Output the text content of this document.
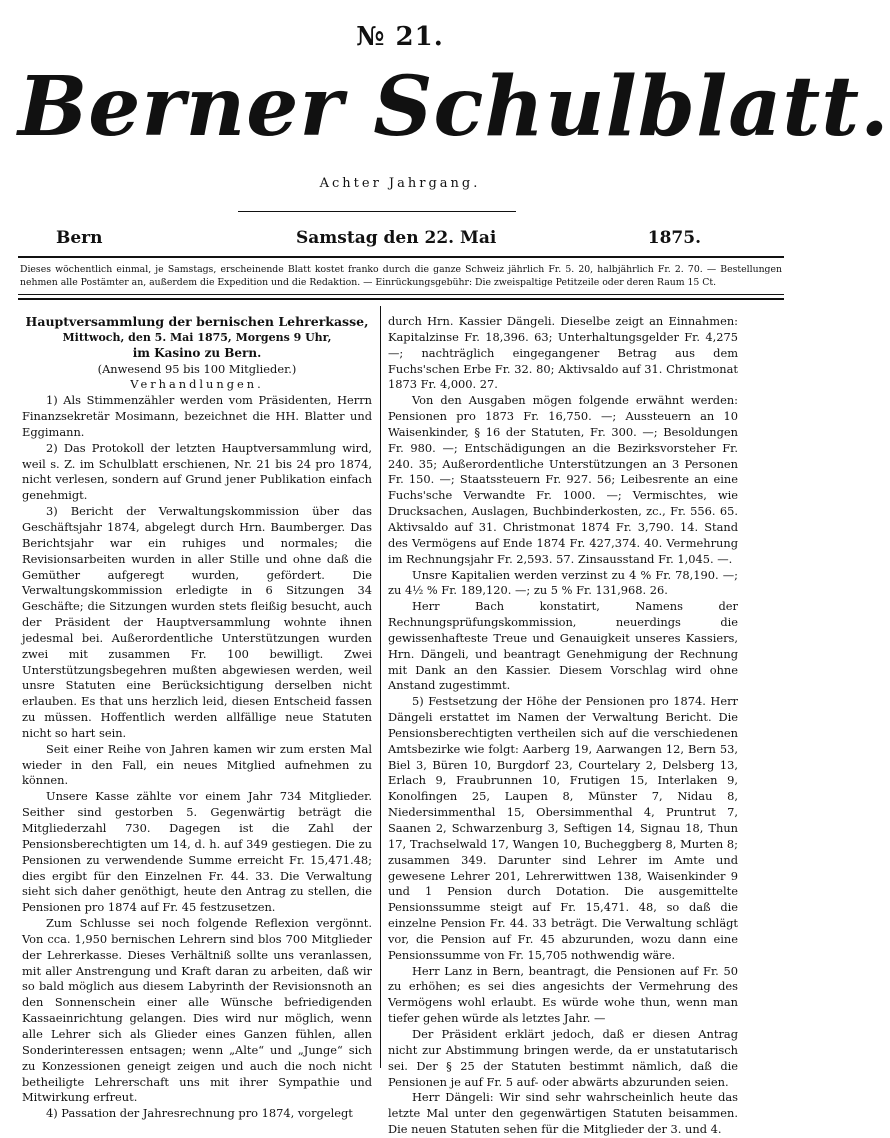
№ 21.
Berner Schulblatt.
Achter Jahrgang.
Bern	Samstag den 22. Mai	1875.
Dieses wöchentlich einmal, je Samstags, erscheinende Blatt kostet franko durch die ganze Schweiz jährlich Fr. 5. 20, halbjährlich Fr. 2. 70. — Bestellungen nehmen alle Postämter an, außerdem die Expedition und die Redaktion. — Einrückungsgebühr: Die zweispaltige Petitzeile oder deren Raum 15 Ct.

Hauptversammlung der bernischen Lehrerkasse,

Mittwoch, den 5. Mai 1875, Morgens 9 Uhr,

im Kasino zu Bern.

(Anwesend 95 bis 100 Mitglieder.)

Verhandlungen.

1) Als Stimmenzähler werden vom Präsidenten, Herrn Finanzsekretär Mosimann, bezeichnet die HH. Blatter und Eggimann.

2) Das Protokoll der letzten Hauptversammlung wird, weil s. Z. im Schulblatt erschienen, Nr. 21 bis 24 pro 1874, nicht verlesen, sondern auf Grund jener Publikation einfach genehmigt.

3) Bericht der Verwaltungskommission über das Geschäftsjahr 1874, abgelegt durch Hrn. Baumberger. Das Berichtsjahr war ein ruhiges und normales; die Revisionsarbeiten wurden in aller Stille und ohne daß die Gemüther aufgeregt wurden, gefördert. Die Verwaltungskommission erledigte in 6 Sitzungen 34 Geschäfte; die Sitzungen wurden stets fleißig besucht, auch der Präsident der Hauptversammlung wohnte ihnen jedesmal bei. Außerordentliche Unterstützungen wurden zwei mit zusammen Fr. 100 bewilligt. Zwei Unterstützungsbegehren mußten abgewiesen werden, weil unsre Statuten eine Berücksichtigung derselben nicht erlauben. Es that uns herzlich leid, diesen Entscheid fassen zu müssen. Hoffentlich werden allfällige neue Statuten nicht so hart sein.

Seit einer Reihe von Jahren kamen wir zum ersten Mal wieder in den Fall, ein neues Mitglied aufnehmen zu können.

Unsere Kasse zählte vor einem Jahr 734 Mitglieder. Seither sind gestorben 5. Gegenwärtig beträgt die Mitgliederzahl 730. Dagegen ist die Zahl der Pensionsberechtigten um 14, d. h. auf 349 gestiegen. Die zu Pensionen zu verwendende Summe erreicht Fr. 15,471.48; dies ergibt für den Einzelnen Fr. 44. 33. Die Verwaltung sieht sich daher genöthigt, heute den Antrag zu stellen, die Pensionen pro 1874 auf Fr. 45 festzusetzen.

Zum Schlusse sei noch folgende Reflexion vergönnt. Von cca. 1,950 bernischen Lehrern sind blos 700 Mitglieder der Lehrerkasse. Dieses Verhältniß sollte uns veranlassen, mit aller Anstrengung und Kraft daran zu arbeiten, daß wir so bald möglich aus diesem Labyrinth der Revisionsnoth an den Sonnenschein einer alle Wünsche befriedigenden Kassaeinrichtung gelangen. Dies wird nur möglich, wenn alle Lehrer sich als Glieder eines Ganzen fühlen, allen Sonderinteressen entsagen; wenn „Alte“ und „Junge“ sich zu Konzessionen geneigt zeigen und auch die noch nicht betheiligte Lehrerschaft uns mit ihrer Sympathie und Mitwirkung erfreut.

4) Passation der Jahresrechnung pro 1874, vorgelegt

durch Hrn. Kassier Dängeli. Dieselbe zeigt an Einnahmen: Kapitalzinse Fr. 18,396. 63; Unterhaltungsgelder Fr. 4,275 —; nachträglich eingegangener Betrag aus dem Fuchs'schen Erbe Fr. 32. 80; Aktivsaldo auf 31. Christmonat 1873 Fr. 4,000. 27.

Von den Ausgaben mögen folgende erwähnt werden: Pensionen pro 1873 Fr. 16,750. —; Aussteuern an 10 Waisenkinder, § 16 der Statuten, Fr. 300. —; Besoldungen Fr. 980. —; Entschädigungen an die Bezirksvorsteher Fr. 240. 35; Außerordentliche Unterstützungen an 3 Personen Fr. 150. —; Staatssteuern Fr. 927. 56; Leibesrente an eine Fuchs'sche Verwandte Fr. 1000. —; Vermischtes, wie Drucksachen, Auslagen, Buchbinderkosten, zc., Fr. 556. 65. Aktivsaldo auf 31. Christmonat 1874 Fr. 3,790. 14. Stand des Vermögens auf Ende 1874 Fr. 427,374. 40. Vermehrung im Rechnungsjahr Fr. 2,593. 57. Zinsausstand Fr. 1,045. —.

Unsre Kapitalien werden verzinst zu 4 % Fr. 78,190. —; zu 4½ % Fr. 189,120. —; zu 5 % Fr. 131,968. 26.

Herr Bach konstatirt, Namens der Rechnungsprüfungskommission, neuerdings die gewissenhafteste Treue und Genauigkeit unseres Kassiers, Hrn. Dängeli, und beantragt Genehmigung der Rechnung mit Dank an den Kassier. Diesem Vorschlag wird ohne Anstand zugestimmt.

5) Festsetzung der Höhe der Pensionen pro 1874. Herr Dängeli erstattet im Namen der Verwaltung Bericht. Die Pensionsberechtigten vertheilen sich auf die verschiedenen Amtsbezirke wie folgt: Aarberg 19, Aarwangen 12, Bern 53, Biel 3, Büren 10, Burgdorf 23, Courtelary 2, Delsberg 13, Erlach 9, Fraubrunnen 10, Frutigen 15, Interlaken 9, Konolfingen 25, Laupen 8, Münster 7, Nidau 8, Niedersimmenthal 15, Obersimmenthal 4, Pruntrut 7, Saanen 2, Schwarzenburg 3, Seftigen 14, Signau 18, Thun 17, Trachselwald 17, Wangen 10, Bucheggberg 8, Murten 8; zusammen 349. Darunter sind Lehrer im Amte und gewesene Lehrer 201, Lehrerwittwen 138, Waisenkinder 9 und 1 Pension durch Dotation. Die ausgemittelte Pensionssumme steigt auf Fr. 15,471. 48, so daß die einzelne Pension Fr. 44. 33 beträgt. Die Verwaltung schlägt vor, die Pension auf Fr. 45 abzurunden, wozu dann eine Pensionssumme von Fr. 15,705 nothwendig wäre.

Herr Lanz in Bern, beantragt, die Pensionen auf Fr. 50 zu erhöhen; es sei dies angesichts der Vermehrung des Vermögens wohl erlaubt. Es würde wohe thun, wenn man tiefer gehen würde als letztes Jahr. —

Der Präsident erklärt jedoch, daß er diesen Antrag nicht zur Abstimmung bringen werde, da er unstatutarisch sei. Der § 25 der Statuten bestimmt nämlich, daß die Pensionen je auf Fr. 5 auf- oder abwärts abzurunden seien.

Herr Dängeli: Wir sind sehr wahrscheinlich heute das letzte Mal unter den gegenwärtigen Statuten beisammen. Die neuen Statuten sehen für die Mitglieder der 3. und 4.
